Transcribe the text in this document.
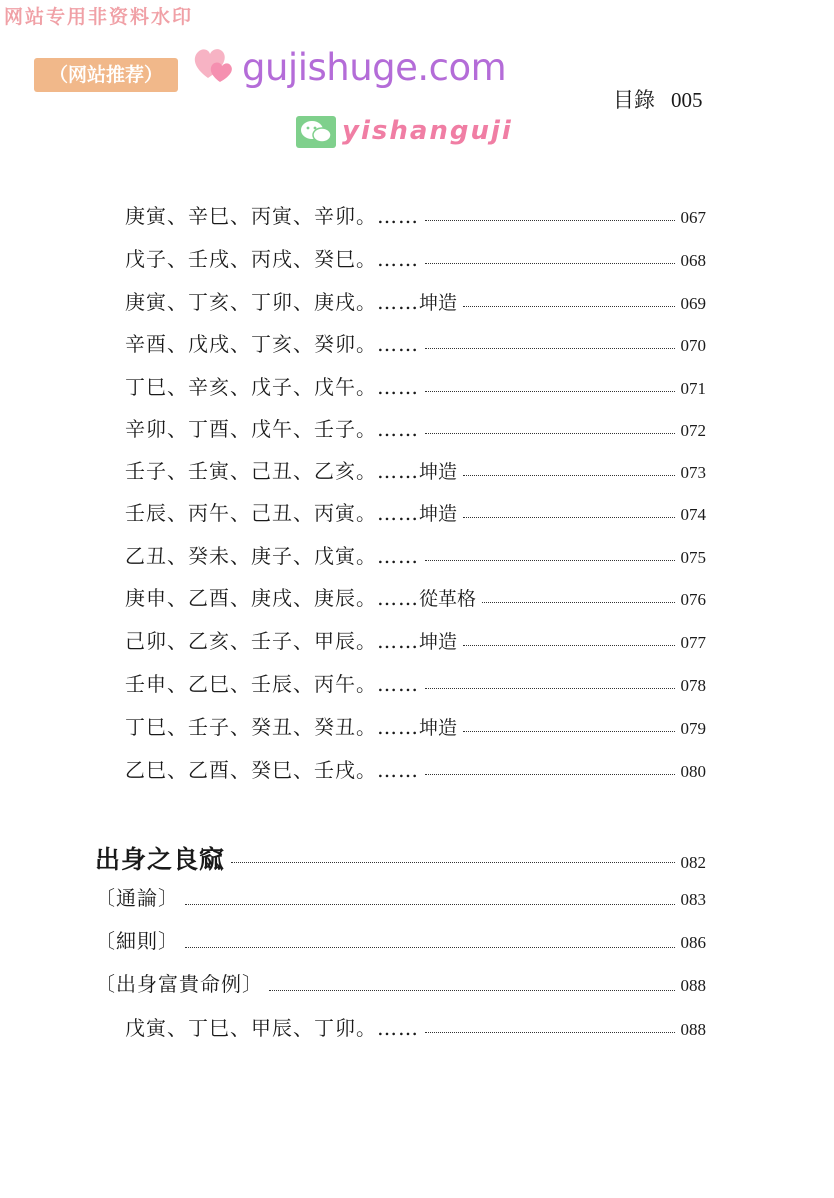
网站专用非资料水印
（网站推荐）	gujishuge.com
yishanguji
目錄 005
庚寅、辛巳、丙寅、辛卯。……	067
戊子、壬戌、丙戌、癸巳。……	068
庚寅、丁亥、丁卯、庚戌。…… 坤造	069
辛酉、戊戌、丁亥、癸卯。……	070
丁巳、辛亥、戊子、戊午。……	071
辛卯、丁酉、戊午、壬子。……	072
壬子、壬寅、己丑、乙亥。…… 坤造	073
壬辰、丙午、己丑、丙寅。…… 坤造	074
乙丑、癸未、庚子、戊寅。……	075
庚申、乙酉、庚戌、庚辰。…… 從革格	076
己卯、乙亥、壬子、甲辰。…… 坤造	077
壬申、乙巳、壬辰、丙午。……	078
丁巳、壬子、癸丑、癸丑。…… 坤造	079
乙巳、乙酉、癸巳、壬戌。……	080
出身之良窳	082
〔通論〕	083
〔細則〕	086
〔出身富貴命例〕	088
戊寅、丁巳、甲辰、丁卯。……	088
